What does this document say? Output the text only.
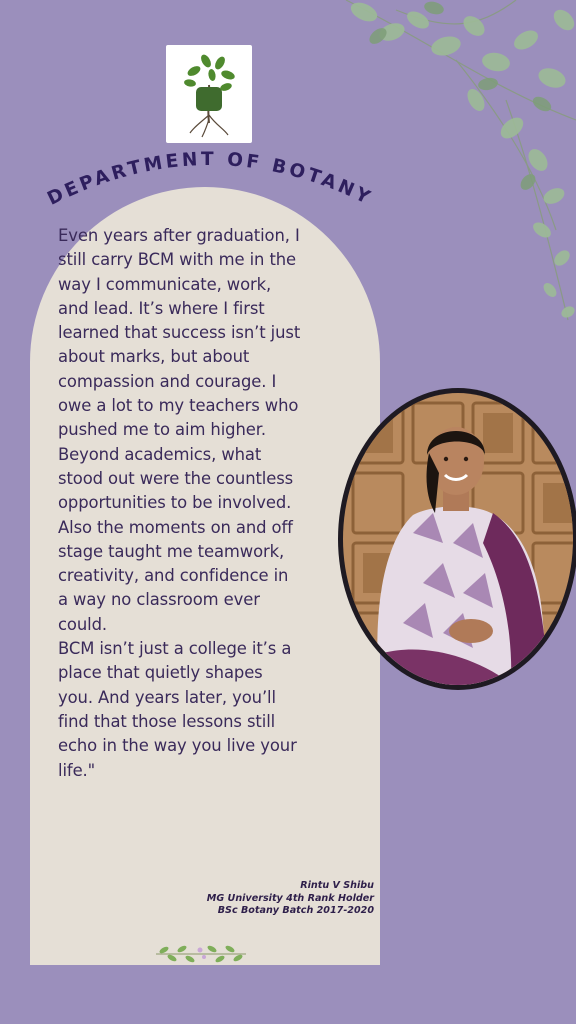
DEPARTMENT OF BOTANY

Even years after graduation, I
still carry BCM with me in the
way I communicate, work,
and lead. It’s where I first
learned that success isn’t just
about marks, but about
compassion and courage. I
owe a lot to my teachers who
pushed me to aim higher.
Beyond academics, what
stood out were the countless
opportunities to be involved.
Also the moments on and off
stage taught me teamwork,
creativity, and confidence in
a way no classroom ever
could.
BCM isn’t just a college it’s a
place that quietly shapes
you. And years later, you’ll
find that those lessons still
echo in the way you live your
life."

Rintu V Shibu
MG University 4th Rank Holder
BSc Botany Batch 2017-2020
